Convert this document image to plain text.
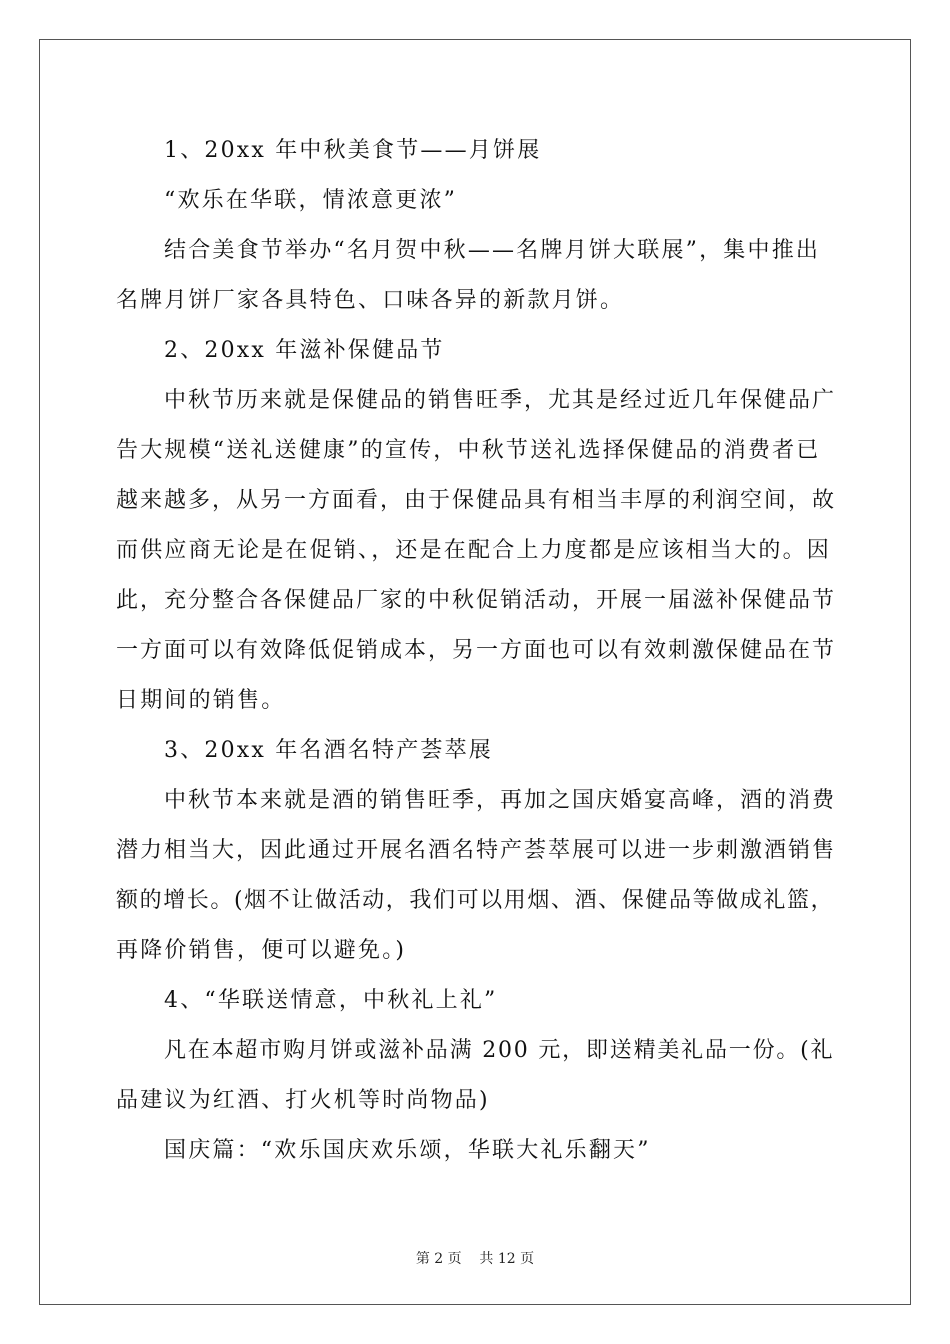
1、20xx 年中秋美食节——月饼展
“欢乐在华联，情浓意更浓”
结合美食节举办“名月贺中秋——名牌月饼大联展”，集中推出
名牌月饼厂家各具特色、口味各异的新款月饼。
2、20xx 年滋补保健品节
中秋节历来就是保健品的销售旺季，尤其是经过近几年保健品广
告大规模“送礼送健康”的宣传，中秋节送礼选择保健品的消费者已
越来越多，从另一方面看，由于保健品具有相当丰厚的利润空间，故
而供应商无论是在促销、，还是在配合上力度都是应该相当大的。因
此，充分整合各保健品厂家的中秋促销活动，开展一届滋补保健品节
一方面可以有效降低促销成本，另一方面也可以有效刺激保健品在节
日期间的销售。
3、20xx 年名酒名特产荟萃展
中秋节本来就是酒的销售旺季，再加之国庆婚宴高峰，酒的消费
潜力相当大，因此通过开展名酒名特产荟萃展可以进一步刺激酒销售
额的增长。(烟不让做活动，我们可以用烟、酒、保健品等做成礼篮，
再降价销售，便可以避免。)
4、“华联送情意，中秋礼上礼”
凡在本超市购月饼或滋补品满 200 元，即送精美礼品一份。(礼
品建议为红酒、打火机等时尚物品)
国庆篇：“欢乐国庆欢乐颂，华联大礼乐翻天”
第 2 页    共 12 页
